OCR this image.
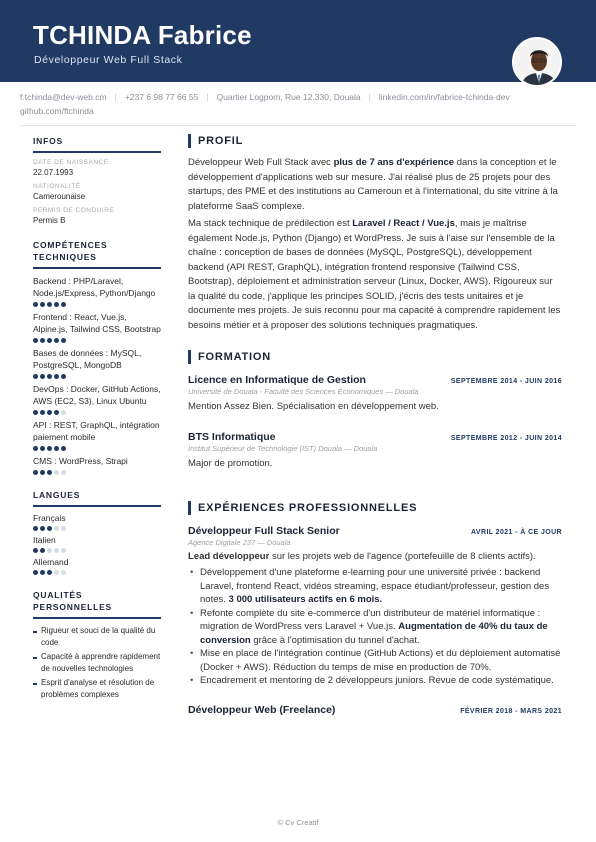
TCHINDA Fabrice
Développeur Web Full Stack
f.tchinda@dev-web.cm | +237 6 98 77 66 55 | Quartier Logpom, Rue 12.330, Douala | linkedin.com/in/fabrice-tchinda-dev
github.com/ftchinda
INFOS
DATE DE NAISSANCE
22.07.1993
NATIONALITÉ
Camerounaise
PERMIS DE CONDUIRE
Permis B
COMPÉTENCES TECHNIQUES
Backend : PHP/Laravel, Node.js/Express, Python/Django
Frontend : React, Vue.js, Alpine.js, Tailwind CSS, Bootstrap
Bases de données : MySQL, PostgreSQL, MongoDB
DevOps : Docker, GitHub Actions, AWS (EC2, S3), Linux Ubuntu
API : REST, GraphQL, intégration paiement mobile
CMS : WordPress, Strapi
LANGUES
Français
Italien
Allemand
QUALITÉS PERSONNELLES
Rigueur et souci de la qualité du code
Capacité à apprendre rapidement de nouvelles technologies
Esprit d'analyse et résolution de problèmes complexes
PROFIL

Développeur Web Full Stack avec plus de 7 ans d'expérience dans la conception et le développement d'applications web sur mesure. J'ai réalisé plus de 25 projets pour des startups, des PME et des institutions au Cameroun et à l'international, du site vitrine à la plateforme SaaS complexe.

Ma stack technique de prédilection est Laravel / React / Vue.js, mais je maîtrise également Node.js, Python (Django) et WordPress. Je suis à l'aise sur l'ensemble de la chaîne : conception de bases de données (MySQL, PostgreSQL), développement backend (API REST, GraphQL), intégration frontend responsive (Tailwind CSS, Bootstrap), déploiement et administration serveur (Linux, Docker, AWS). Rigoureux sur la qualité du code, j'applique les principes SOLID, j'écris des tests unitaires et je documente mes projets. Je suis reconnu pour ma capacité à comprendre rapidement les besoins métier et à proposer des solutions techniques pragmatiques.

FORMATION
Licence en Informatique de Gestion	SEPTEMBRE 2014 - JUIN 2016
Université de Douala - Faculté des Sciences Économiques — Douala
Mention Assez Bien. Spécialisation en développement web.
BTS Informatique	SEPTEMBRE 2012 - JUIN 2014
Institut Supérieur de Technologie (IST) Douala — Douala
Major de promotion.
EXPÉRIENCES PROFESSIONNELLES
Développeur Full Stack Senior	AVRIL 2021 - À CE JOUR
Agence Digitale 237 — Douala
Lead développeur sur les projets web de l'agence (portefeuille de 8 clients actifs).
• Développement d'une plateforme e-learning pour une université privée : backend Laravel, frontend React, vidéos streaming, espace étudiant/professeur, gestion des notes. 3 000 utilisateurs actifs en 6 mois.
• Refonte complète du site e-commerce d'un distributeur de matériel informatique : migration de WordPress vers Laravel + Vue.js. Augmentation de 40% du taux de conversion grâce à l'optimisation du tunnel d'achat.
• Mise en place de l'intégration continue (GitHub Actions) et du déploiement automatisé (Docker + AWS). Réduction du temps de mise en production de 70%.
• Encadrement et mentoring de 2 développeurs juniors. Revue de code systématique.
Développeur Web (Freelance)	FÉVRIER 2018 - MARS 2021
© Cv Creatif
